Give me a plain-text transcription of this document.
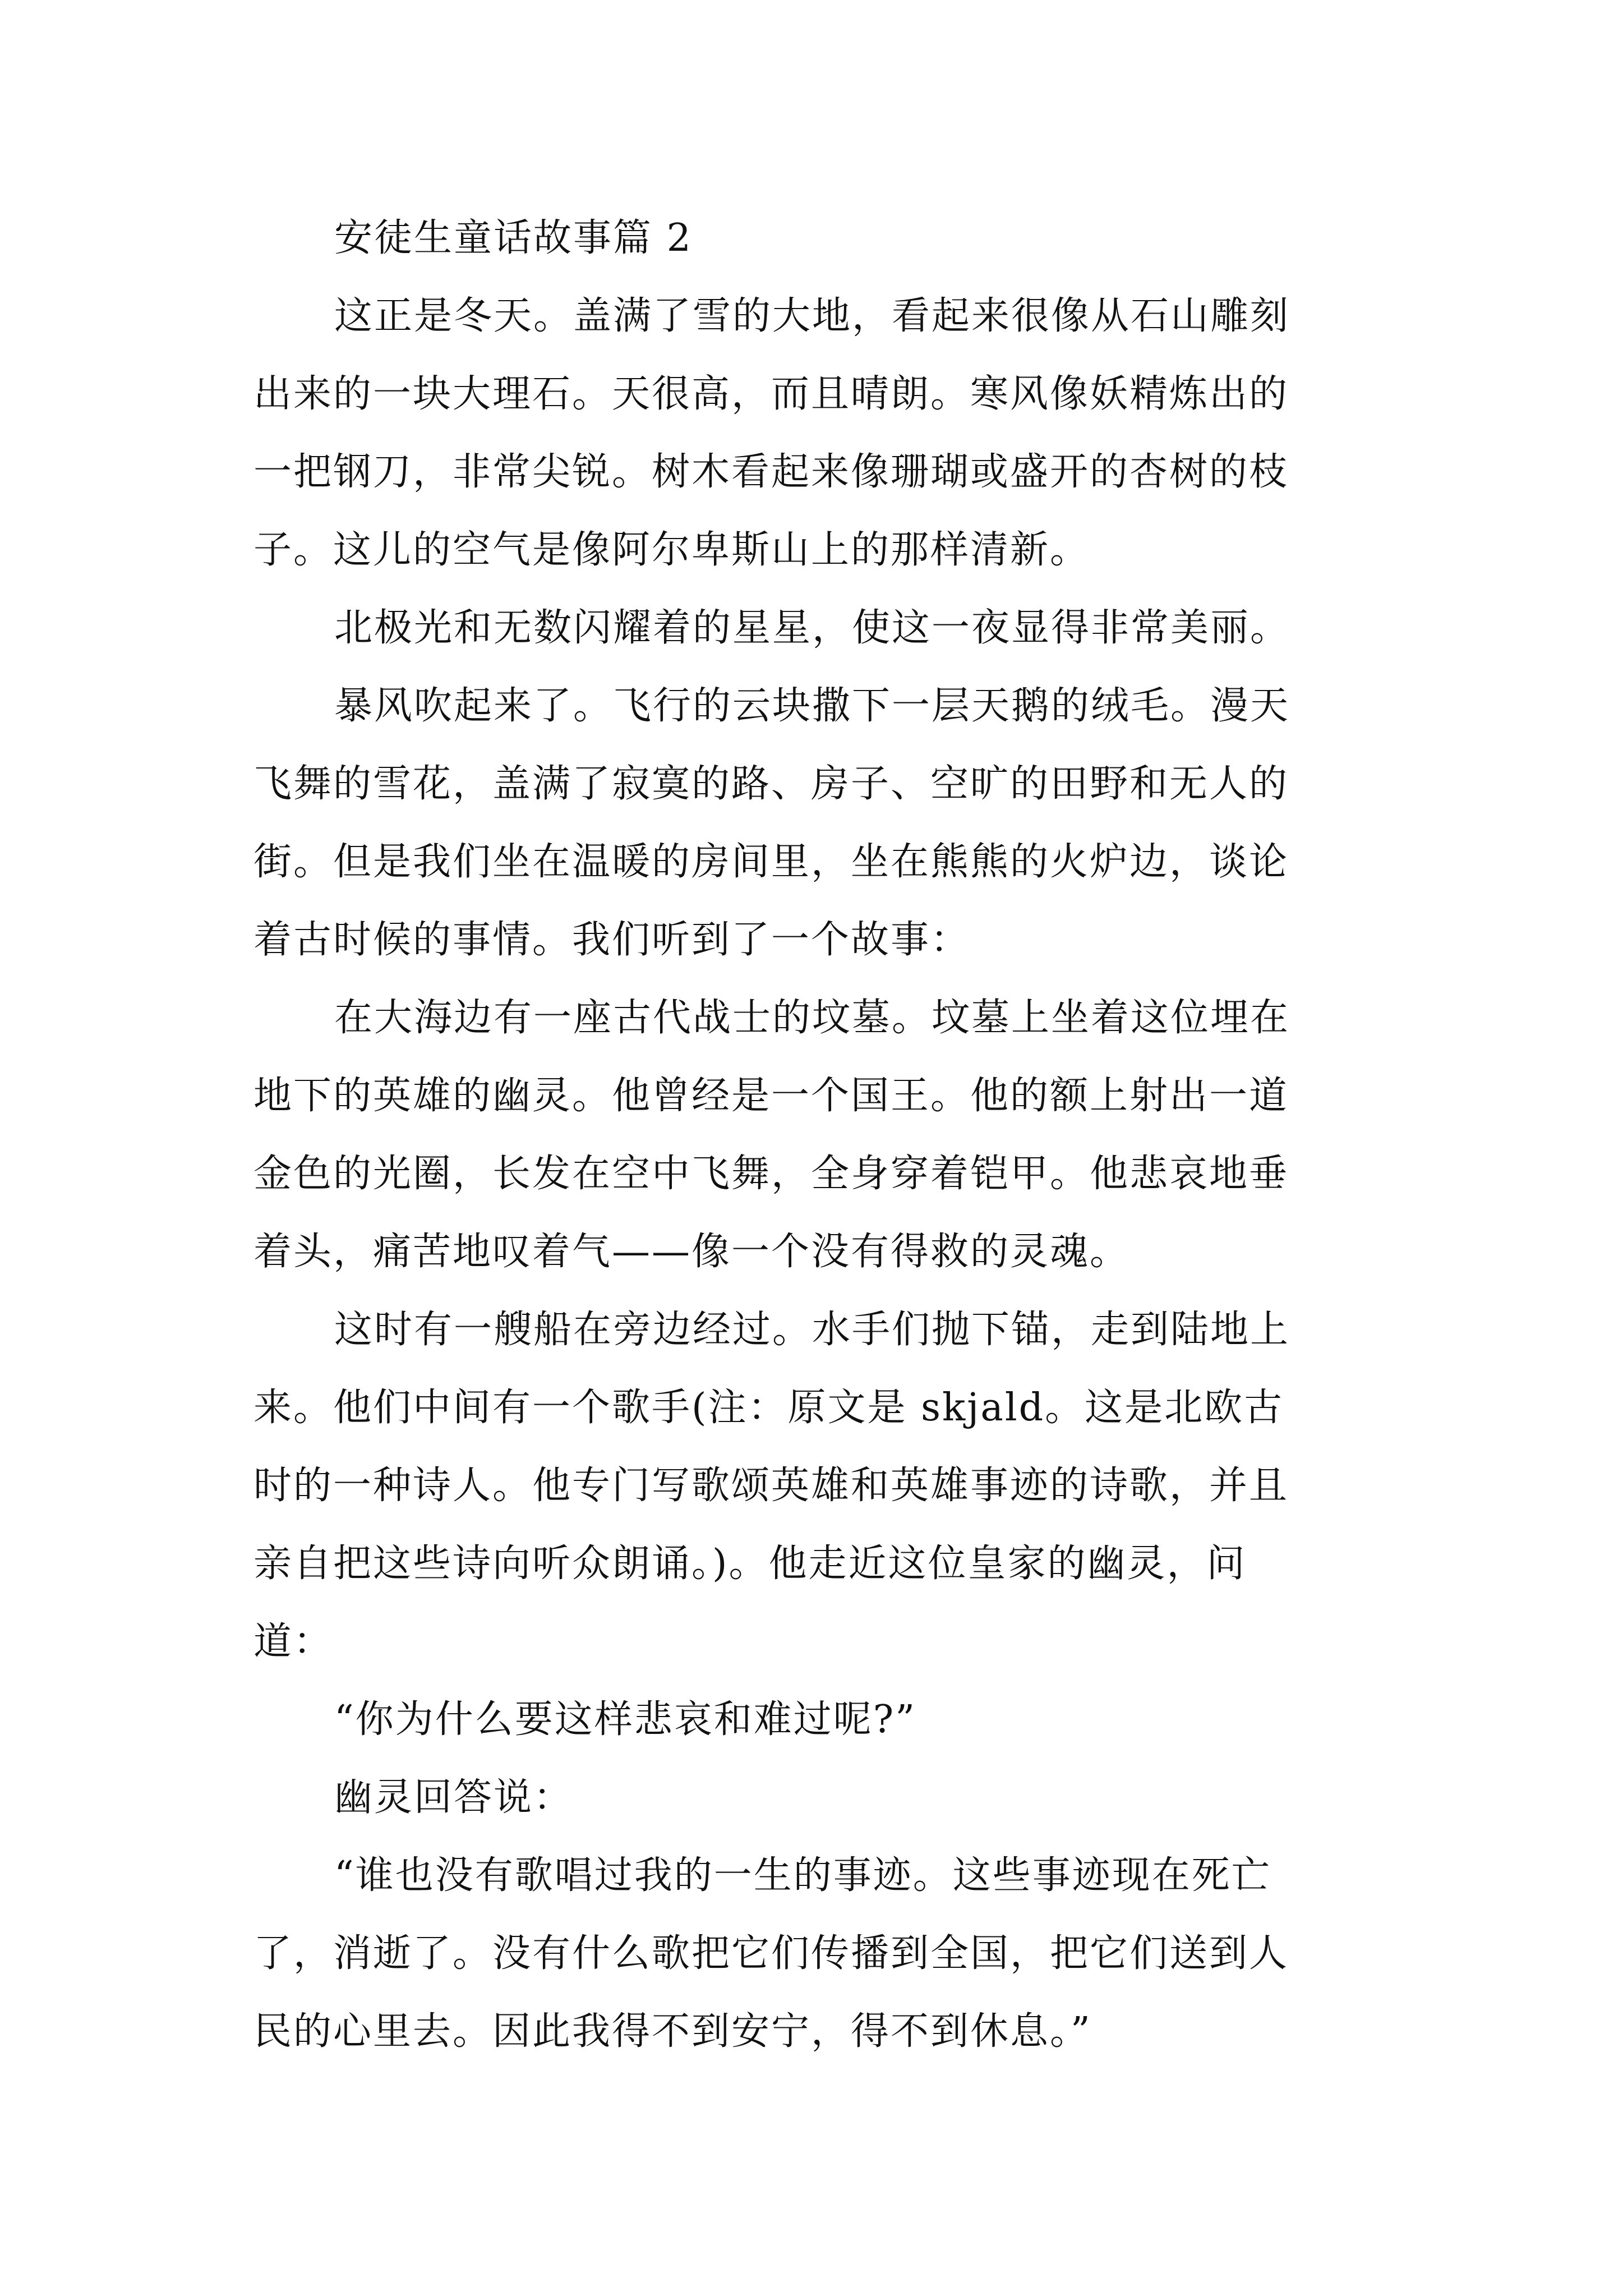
安徒生童话故事篇 2
这正是冬天。盖满了雪的大地，看起来很像从石山雕刻
出来的一块大理石。天很高，而且晴朗。寒风像妖精炼出的
一把钢刀，非常尖锐。树木看起来像珊瑚或盛开的杏树的枝
子。这儿的空气是像阿尔卑斯山上的那样清新。
北极光和无数闪耀着的星星，使这一夜显得非常美丽。
暴风吹起来了。飞行的云块撒下一层天鹅的绒毛。漫天
飞舞的雪花，盖满了寂寞的路、房子、空旷的田野和无人的
街。但是我们坐在温暖的房间里，坐在熊熊的火炉边，谈论
着古时候的事情。我们听到了一个故事：
在大海边有一座古代战士的坟墓。坟墓上坐着这位埋在
地下的英雄的幽灵。他曾经是一个国王。他的额上射出一道
金色的光圈，长发在空中飞舞，全身穿着铠甲。他悲哀地垂
着头，痛苦地叹着气——像一个没有得救的灵魂。
这时有一艘船在旁边经过。水手们抛下锚，走到陆地上
来。他们中间有一个歌手(注：原文是 skjald。这是北欧古
时的一种诗人。他专门写歌颂英雄和英雄事迹的诗歌，并且
亲自把这些诗向听众朗诵。)。他走近这位皇家的幽灵，问
道：
“你为什么要这样悲哀和难过呢?”
幽灵回答说：
“谁也没有歌唱过我的一生的事迹。这些事迹现在死亡
了，消逝了。没有什么歌把它们传播到全国，把它们送到人
民的心里去。因此我得不到安宁，得不到休息。”
